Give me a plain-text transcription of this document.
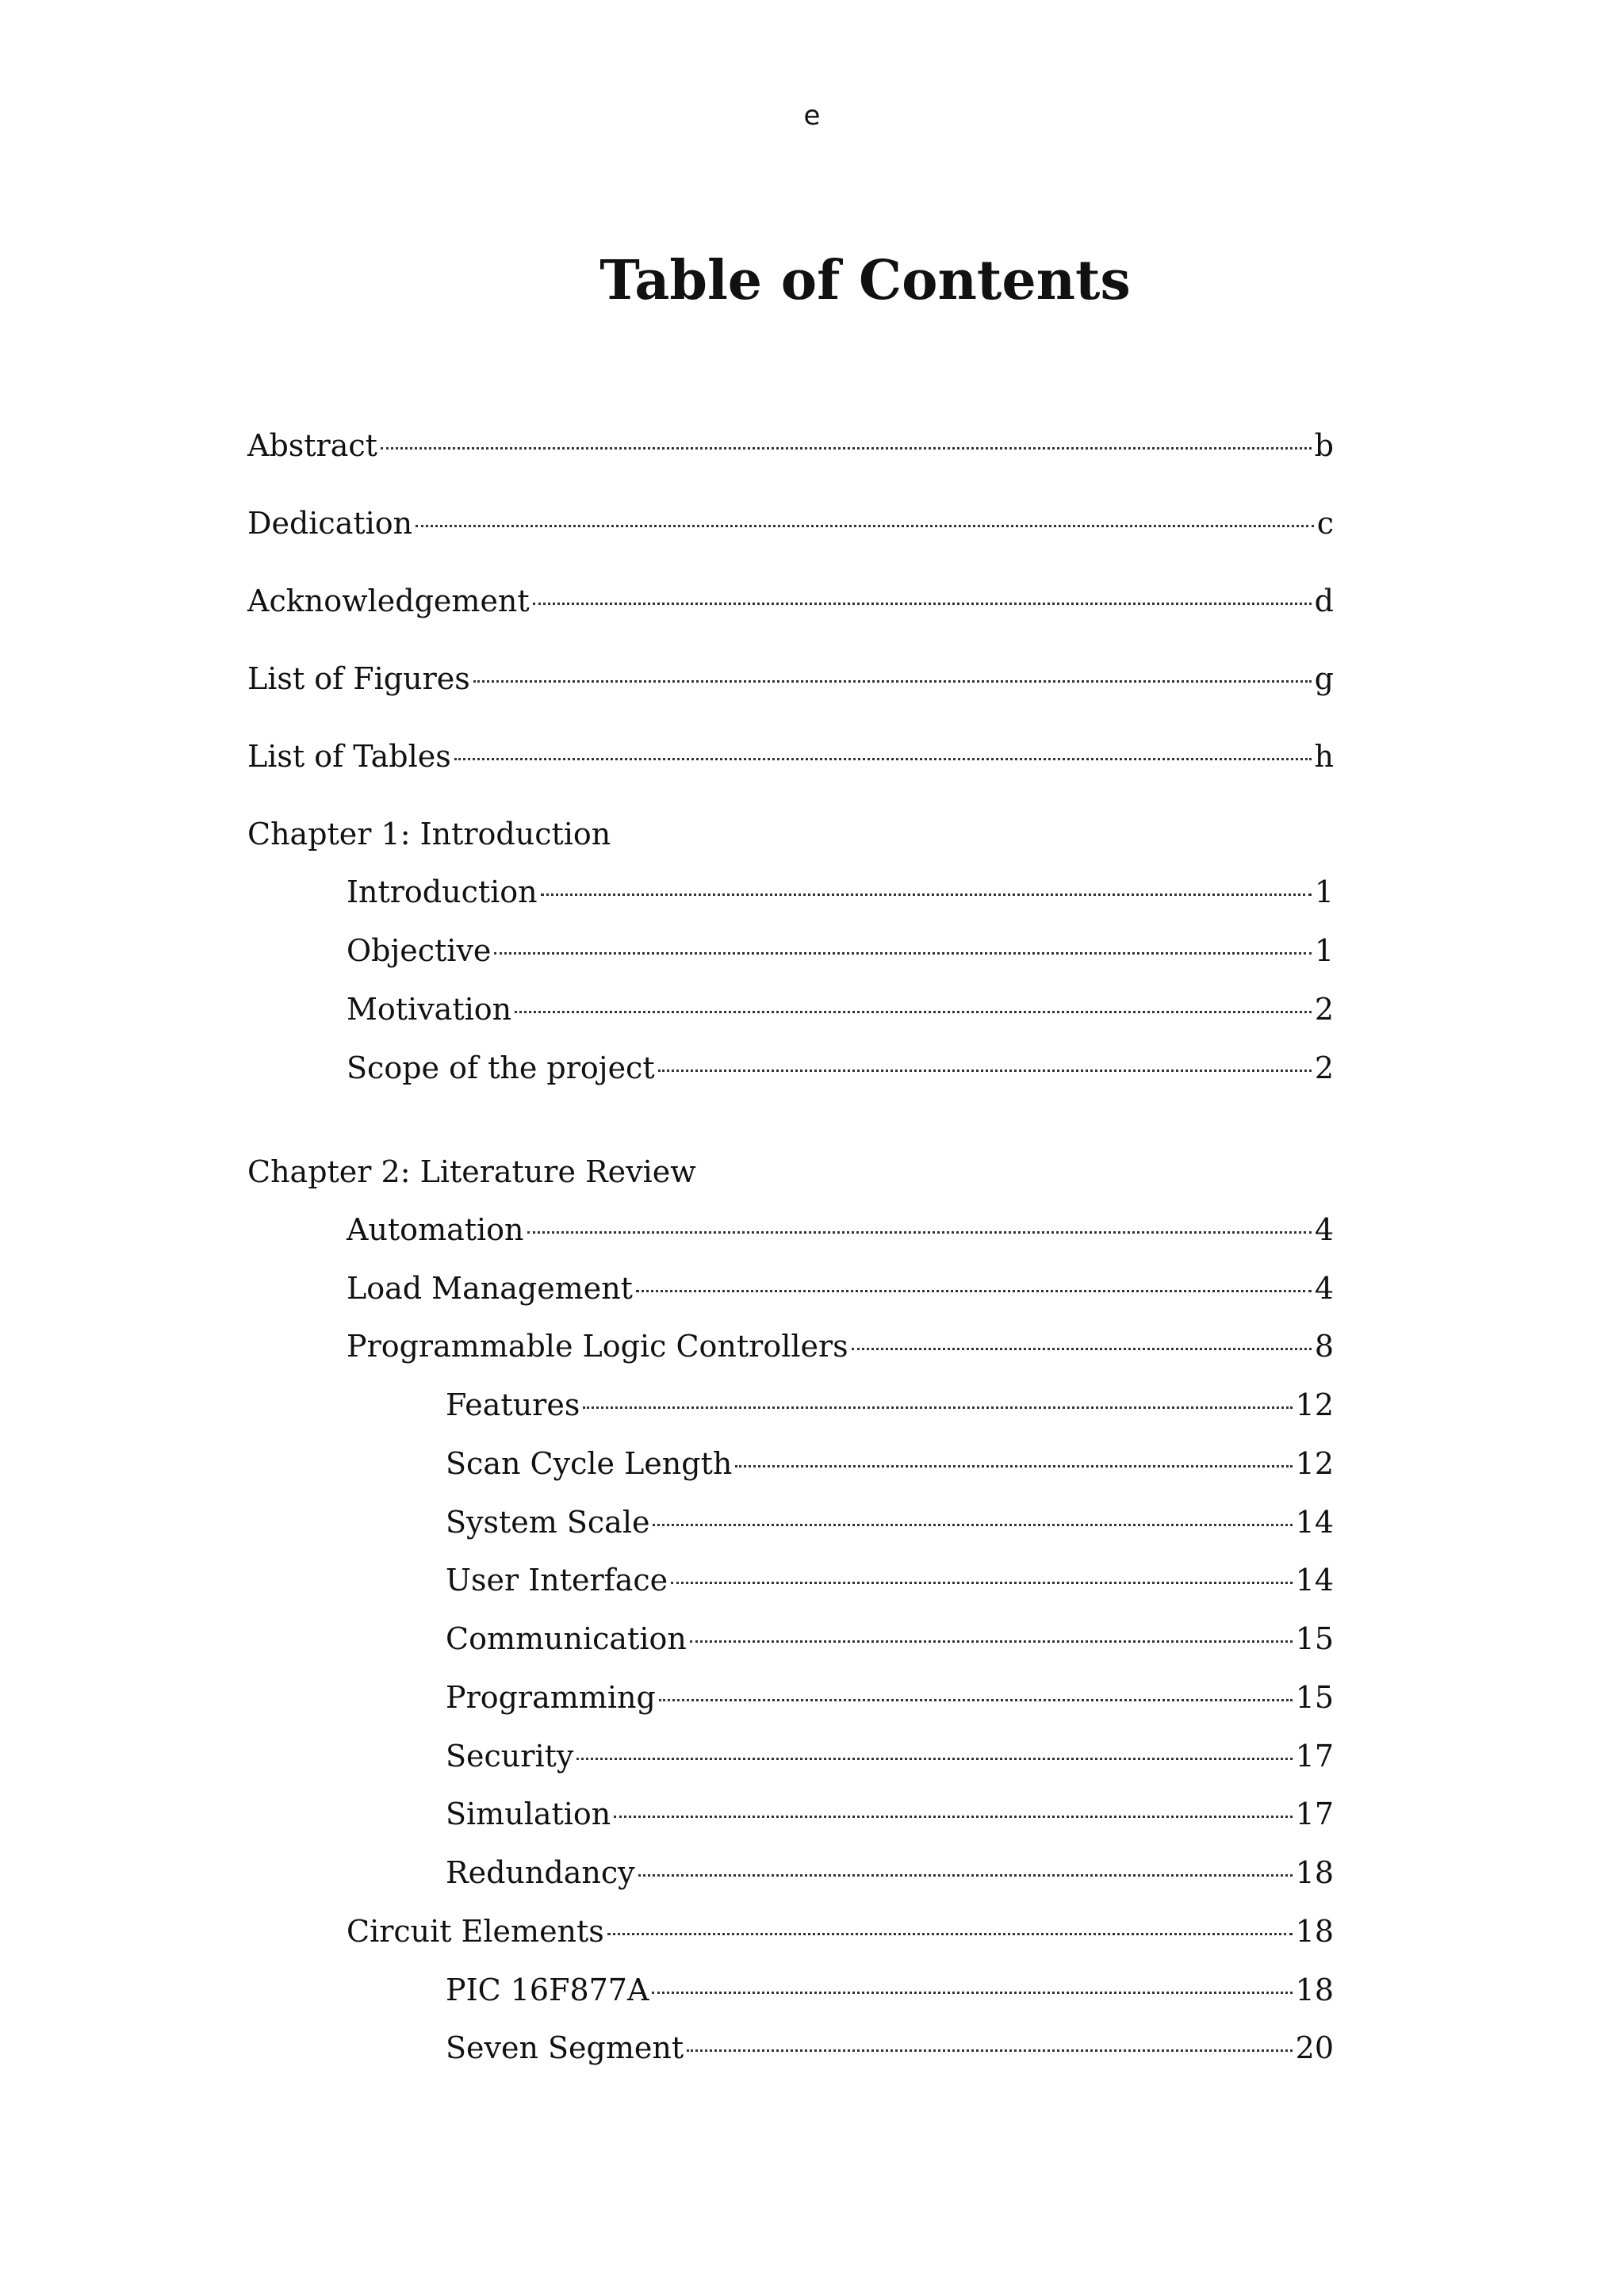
e
Table of Contents
Abstract	b
Dedication	c
Acknowledgement	d
List of Figures	g
List of Tables	h
Chapter 1: Introduction
Introduction	1
Objective	1
Motivation	2
Scope of the project	2
Chapter 2: Literature Review
Automation	4
Load Management	4
Programmable Logic Controllers	8
Features	12
Scan Cycle Length	12
System Scale	14
User Interface	14
Communication	15
Programming	15
Security	17
Simulation	17
Redundancy	18
Circuit Elements	18
PIC 16F877A	18
Seven Segment	20
